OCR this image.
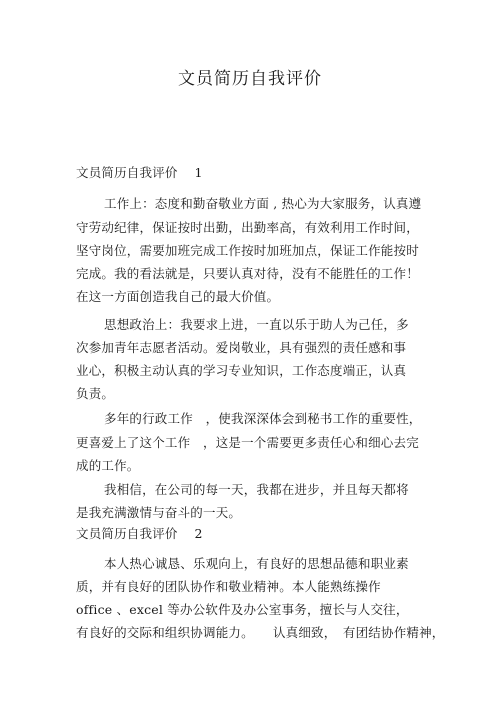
文员简历自我评价
文员简历自我评价　 1
工作上：态度和勤奋敬业方面 , 热心为大家服务，认真遵
守劳动纪律，保证按时出勤，出勤率高，有效利用工作时间，
坚守岗位，需要加班完成工作按时加班加点，保证工作能按时
完成。我的看法就是，只要认真对待，没有不能胜任的工作！
在这一方面创造我自己的最大价值。
思想政治上：我要求上进，一直以乐于助人为己任，多
次参加青年志愿者活动。爱岗敬业，具有强烈的责任感和事
业心，积极主动认真的学习专业知识，工作态度端正，认真
负责。
多年的行政工作　，使我深深体会到秘书工作的重要性，
更喜爱上了这个工作　，这是一个需要更多责任心和细心去完
成的工作。
我相信，在公司的每一天，我都在进步，并且每天都将
是我充满激情与奋斗的一天。
文员简历自我评价　 2
本人热心诚恳、乐观向上，有良好的思想品德和职业素
质，并有良好的团队协作和敬业精神。本人能熟练操作
office 、excel 等办公软件及办公室事务，擅长与人交往，
有良好的交际和组织协调能力。　　认真细致，　有团结协作精神，
